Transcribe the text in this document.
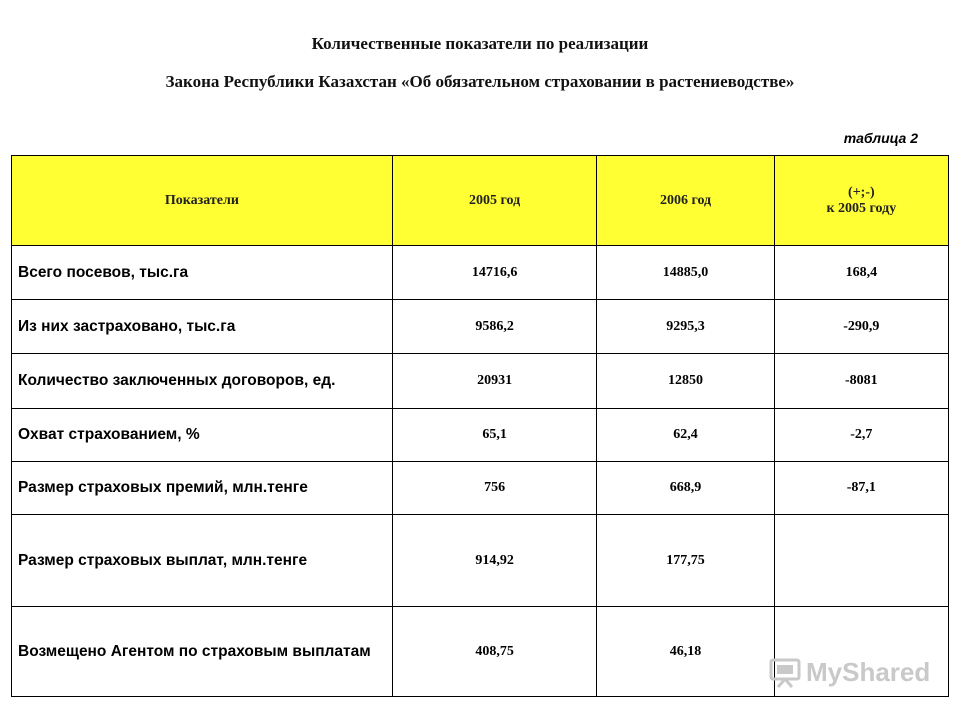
Количественные показатели по реализации
Закона Республики Казахстан «Об обязательном страховании в растениеводстве»
таблица 2
Показатели	2005 год	2006 год	(+;-)
к 2005 году

Всего посевов, тыс.га	14716,6	14885,0	168,4
Из них застраховано, тыс.га	9586,2	9295,3	-290,9
Количество заключенных договоров, ед.	20931	12850	-8081
Охват страхованием, %	65,1	62,4	-2,7
Размер страховых премий, млн.тенге	756	668,9	-87,1
Размер страховых выплат, млн.тенге	914,92	177,75	
Возмещено Агентом по страховым выплатам	408,75	46,18	
MyShared
